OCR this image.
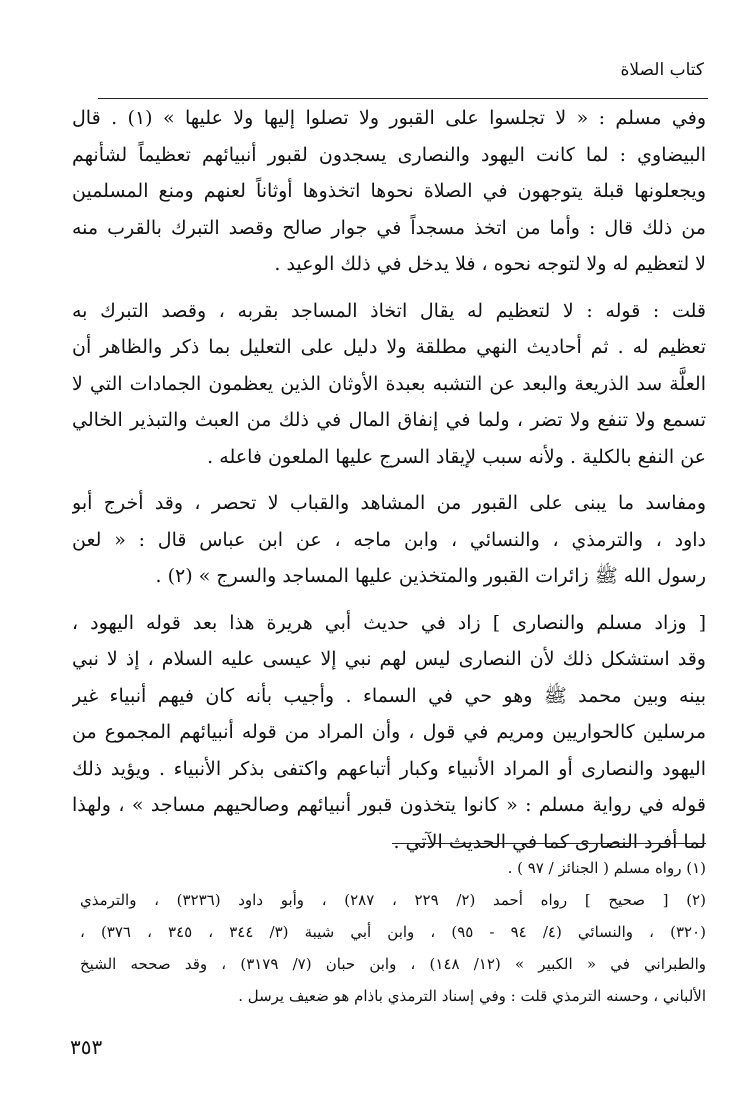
كتاب الصلاة
وفي مسلم : « لا تجلسوا على القبور ولا تصلوا إليها ولا عليها » (١) . قال
البيضاوي : لما كانت اليهود والنصارى يسجدون لقبور أنبيائهم تعظيماً لشأنهم
ويجعلونها قبلة يتوجهون في الصلاة نحوها اتخذوها أوثاناً لعنهم ومنع المسلمين
من ذلك قال : وأما من اتخذ مسجداً في جوار صالح وقصد التبرك بالقرب منه
لا لتعظيم له ولا لتوجه نحوه ، فلا يدخل في ذلك الوعيد .
قلت : قوله : لا لتعظيم له يقال اتخاذ المساجد بقربه ، وقصد التبرك به
تعظيم له . ثم أحاديث النهي مطلقة ولا دليل على التعليل بما ذكر والظاهر أن
العلَّة سد الذريعة والبعد عن التشبه بعبدة الأوثان الذين يعظمون الجمادات التي لا
تسمع ولا تنفع ولا تضر ، ولما في إنفاق المال في ذلك من العبث والتبذير الخالي
عن النفع بالكلية . ولأنه سبب لإيقاد السرج عليها الملعون فاعله .
ومفاسد ما يبنى على القبور من المشاهد والقباب لا تحصر ، وقد أخرج أبو
داود ، والترمذي ، والنسائي ، وابن ماجه ، عن ابن عباس قال : « لعن
رسول الله ﷺ زائرات القبور والمتخذين عليها المساجد والسرج » (٢) .
[ وزاد مسلم والنصارى ] زاد في حديث أبي هريرة هذا بعد قوله اليهود ،
وقد استشكل ذلك لأن النصارى ليس لهم نبي إلا عيسى عليه السلام ، إذ لا نبي
بينه وبين محمد ﷺ وهو حي في السماء . وأجيب بأنه كان فيهم أنبياء غير
مرسلين كالحواريين ومريم في قول ، وأن المراد من قوله أنبيائهم المجموع من
اليهود والنصارى أو المراد الأنبياء وكبار أتباعهم واكتفى بذكر الأنبياء . ويؤيد ذلك
قوله في رواية مسلم : « كانوا يتخذون قبور أنبيائهم وصالحيهم مساجد » ، ولهذا
لما أفرد النصارى كما في الحديث الآتي .
(١) رواه مسلم ( الجنائز / ٩٧ ) .
(٢) [ صحيح ] رواه أحمد (٢/ ٢٢٩ ، ٢٨٧) ، وأبو داود (٣٢٣٦) ، والترمذي
(٣٢٠) ، والنسائي (٤/ ٩٤ - ٩٥) ، وابن أبي شيبة (٣/ ٣٤٤ ، ٣٤٥ ، ٣٧٦) ،
والطبراني في « الكبير » (١٢/ ١٤٨) ، وابن حبان (٧/ ٣١٧٩) ، وقد صححه الشيخ
الألباني ، وحسنه الترمذي قلت : وفي إسناد الترمذي باذام هو ضعيف يرسل .
٣٥٣
